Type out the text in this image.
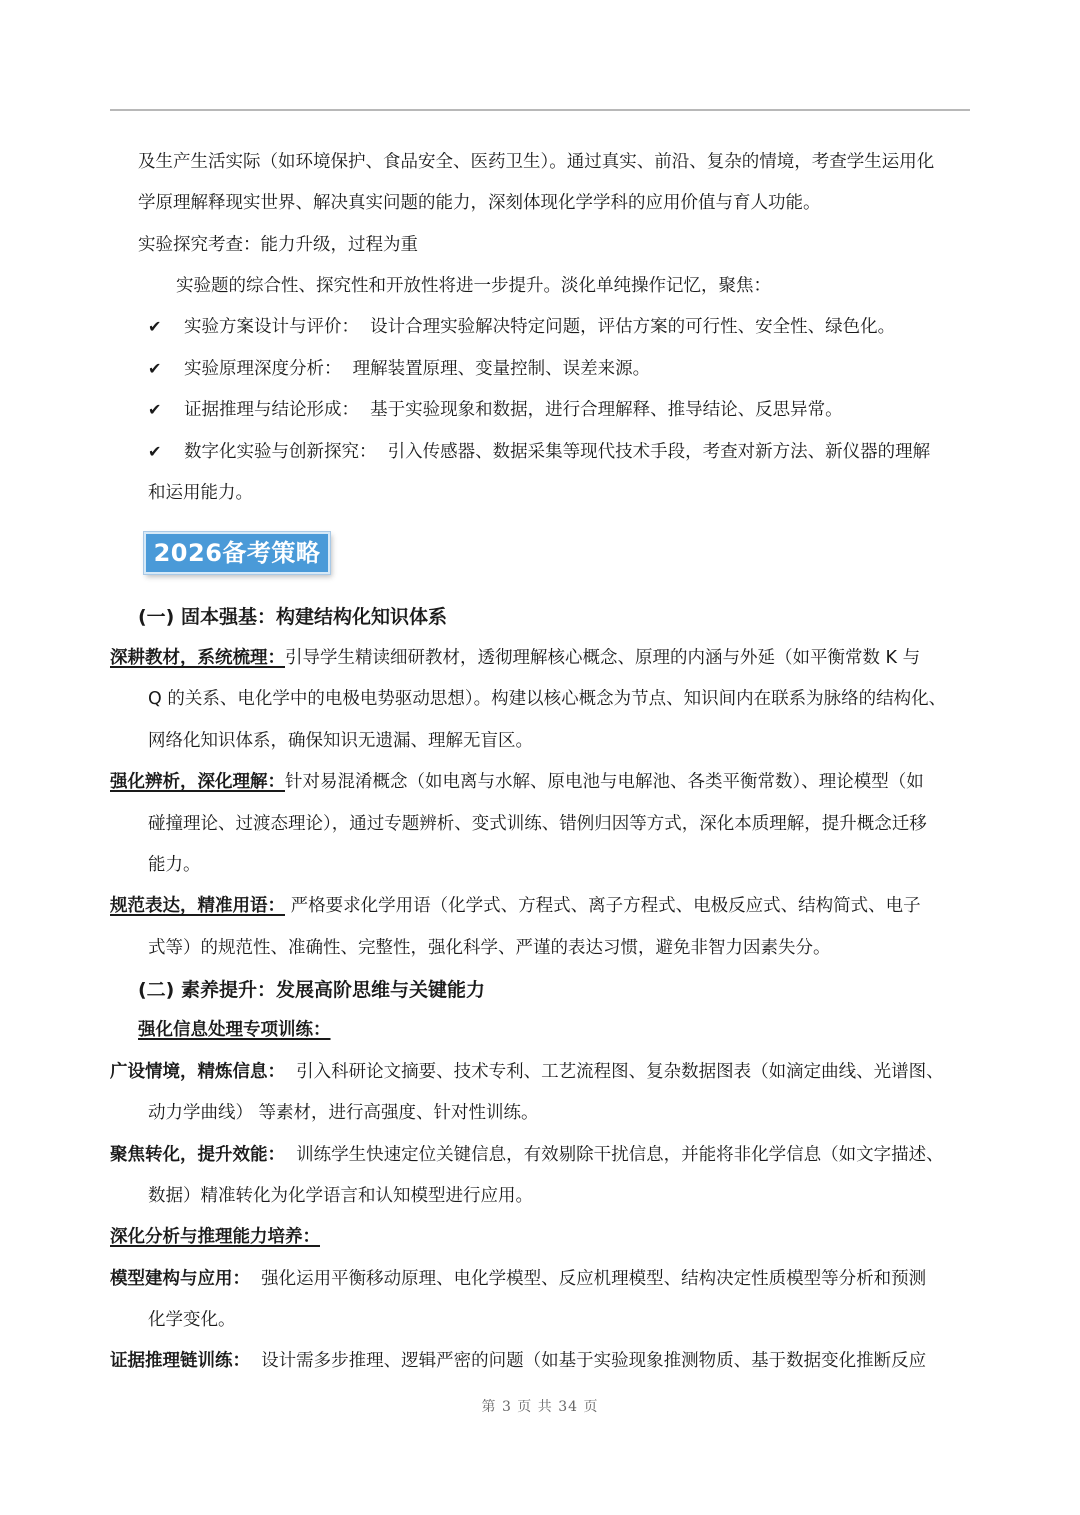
及生产生活实际（如环境保护、食品安全、医药卫生）。通过真实、前沿、复杂的情境，考查学生运用化
学原理解释现实世界、解决真实问题的能力，深刻体现化学学科的应用价值与育人功能。
实验探究考查：能力升级，过程为重
实验题的综合性、探究性和开放性将进一步提升。淡化单纯操作记忆，聚焦：
✔ 实验方案设计与评价： 设计合理实验解决特定问题，评估方案的可行性、安全性、绿色化。
✔ 实验原理深度分析： 理解装置原理、变量控制、误差来源。
✔ 证据推理与结论形成： 基于实验现象和数据，进行合理解释、推导结论、反思异常。
✔ 数字化实验与创新探究： 引入传感器、数据采集等现代技术手段，考查对新方法、新仪器的理解
和运用能力。
2026备考策略
(一) 固本强基：构建结构化知识体系
深耕教材，系统梳理：引导学生精读细研教材，透彻理解核心概念、原理的内涵与外延（如平衡常数 K 与
Q 的关系、电化学中的电极电势驱动思想）。构建以核心概念为节点、知识间内在联系为脉络的结构化、
网络化知识体系，确保知识无遗漏、理解无盲区。
强化辨析，深化理解：针对易混淆概念（如电离与水解、原电池与电解池、各类平衡常数）、理论模型（如
碰撞理论、过渡态理论），通过专题辨析、变式训练、错例归因等方式，深化本质理解，提升概念迁移
能力。
规范表达，精准用语： 严格要求化学用语（化学式、方程式、离子方程式、电极反应式、结构简式、电子
式等）的规范性、准确性、完整性，强化科学、严谨的表达习惯，避免非智力因素失分。
(二) 素养提升：发展高阶思维与关键能力
强化信息处理专项训练：
广设情境，精炼信息： 引入科研论文摘要、技术专利、工艺流程图、复杂数据图表（如滴定曲线、光谱图、
动力学曲线） 等素材，进行高强度、针对性训练。
聚焦转化，提升效能： 训练学生快速定位关键信息，有效剔除干扰信息，并能将非化学信息（如文字描述、
数据）精准转化为化学语言和认知模型进行应用。
深化分析与推理能力培养：
模型建构与应用： 强化运用平衡移动原理、电化学模型、反应机理模型、结构决定性质模型等分析和预测
化学变化。
证据推理链训练： 设计需多步推理、逻辑严密的问题（如基于实验现象推测物质、基于数据变化推断反应
第 3 页 共 34 页
